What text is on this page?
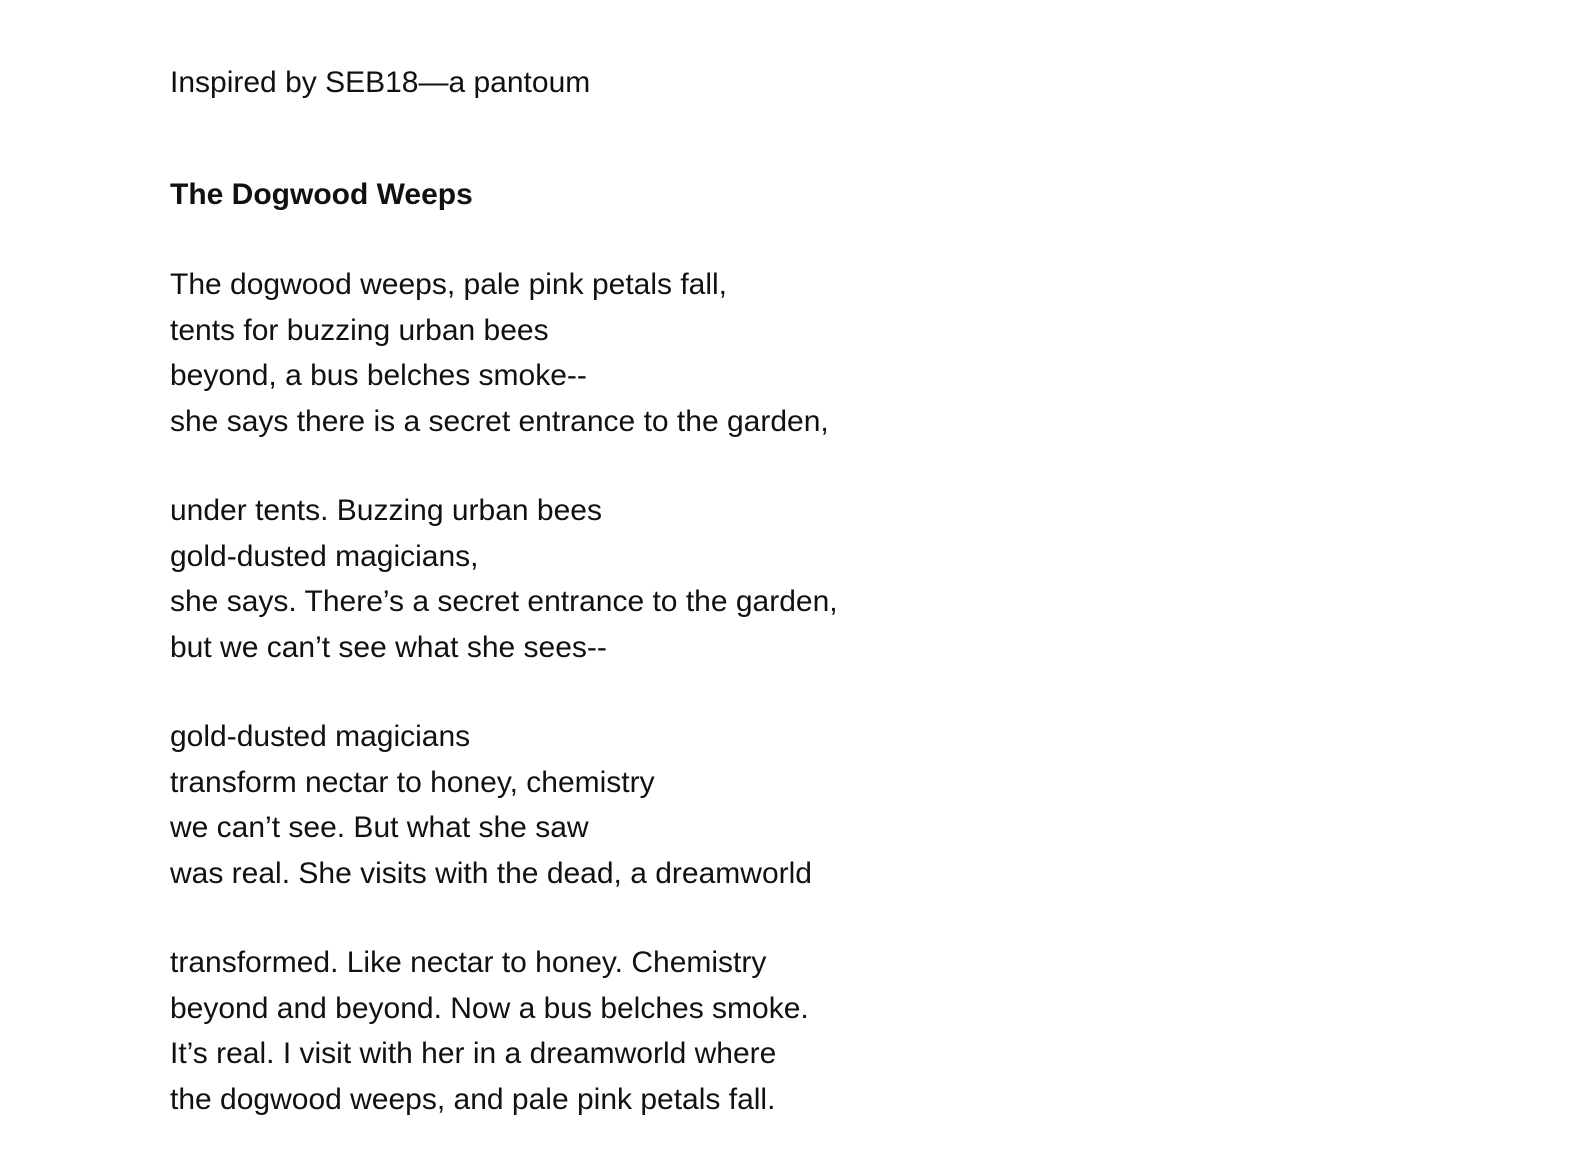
Inspired by SEB18—a pantoum

The Dogwood Weeps

The dogwood weeps, pale pink petals fall,
tents for buzzing urban bees
beyond, a bus belches smoke--
she says there is a secret entrance to the garden,
under tents. Buzzing urban bees
gold-dusted magicians,
she says. There’s a secret entrance to the garden,
but we can’t see what she sees--
gold-dusted magicians
transform nectar to honey, chemistry
we can’t see. But what she saw
was real. She visits with the dead, a dreamworld
transformed. Like nectar to honey. Chemistry
beyond and beyond. Now a bus belches smoke.
It’s real. I visit with her in a dreamworld where
the dogwood weeps, and pale pink petals fall.
